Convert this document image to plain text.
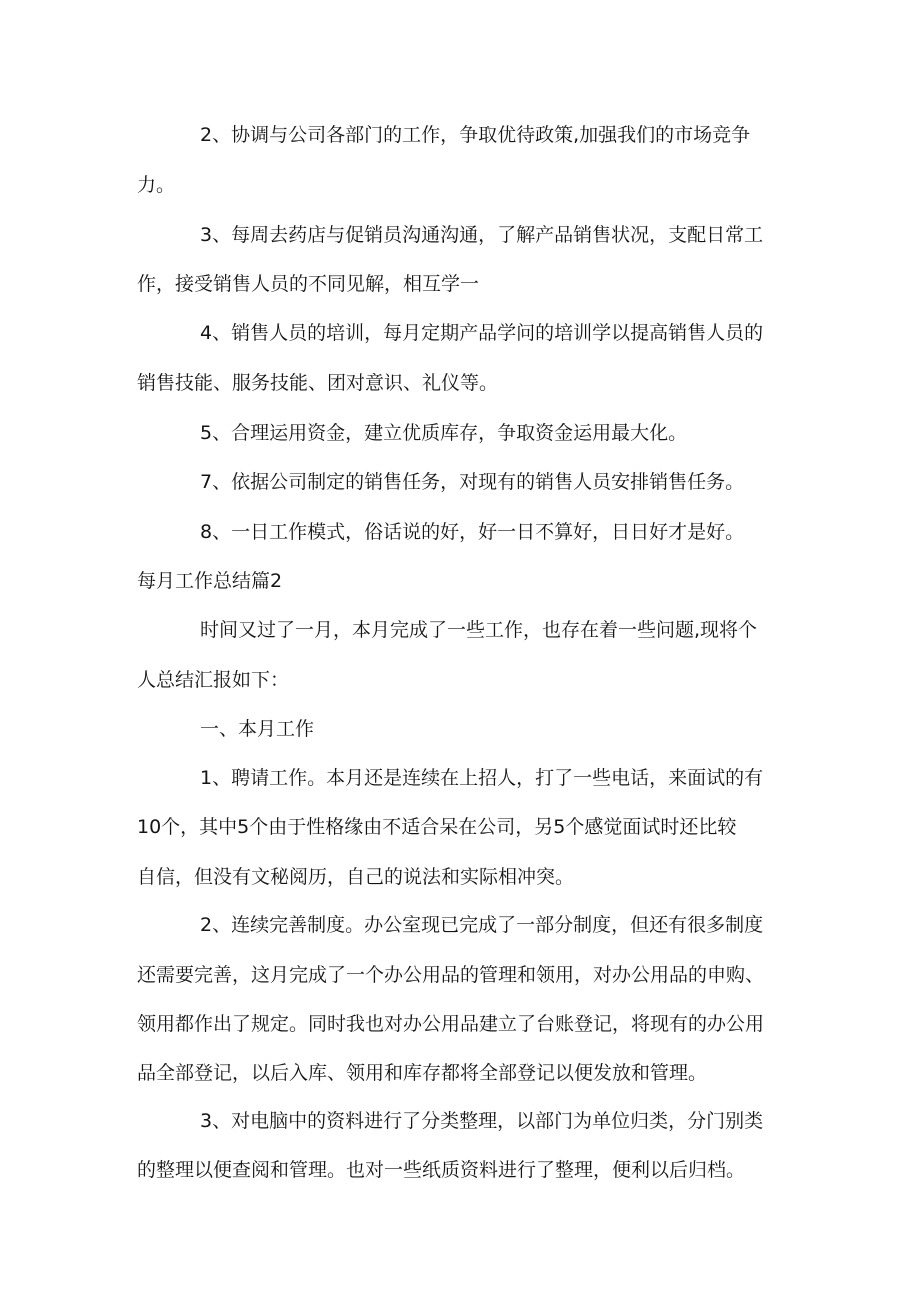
2、协调与公司各部门的工作，争取优待政策,加强我们的市场竞争
力。
3、每周去药店与促销员沟通沟通，了解产品销售状况，支配日常工
作，接受销售人员的不同见解，相互学一
4、销售人员的培训，每月定期产品学问的培训学以提高销售人员的
销售技能、服务技能、团对意识、礼仪等。
5、合理运用资金，建立优质库存，争取资金运用最大化。
7、依据公司制定的销售任务，对现有的销售人员安排销售任务。
8、一日工作模式，俗话说的好，好一日不算好，日日好才是好。
每月工作总结篇2
时间又过了一月，本月完成了一些工作，也存在着一些问题,现将个
人总结汇报如下：
一、本月工作
1、聘请工作。本月还是连续在上招人，打了一些电话，来面试的有
10个，其中5个由于性格缘由不适合呆在公司，另5个感觉面试时还比较
自信，但没有文秘阅历，自己的说法和实际相冲突。
2、连续完善制度。办公室现已完成了一部分制度，但还有很多制度
还需要完善，这月完成了一个办公用品的管理和领用，对办公用品的申购、
领用都作出了规定。同时我也对办公用品建立了台账登记，将现有的办公用
品全部登记，以后入库、领用和库存都将全部登记以便发放和管理。
3、对电脑中的资料进行了分类整理，以部门为单位归类，分门别类
的整理以便查阅和管理。也对一些纸质资料进行了整理，便利以后归档。
